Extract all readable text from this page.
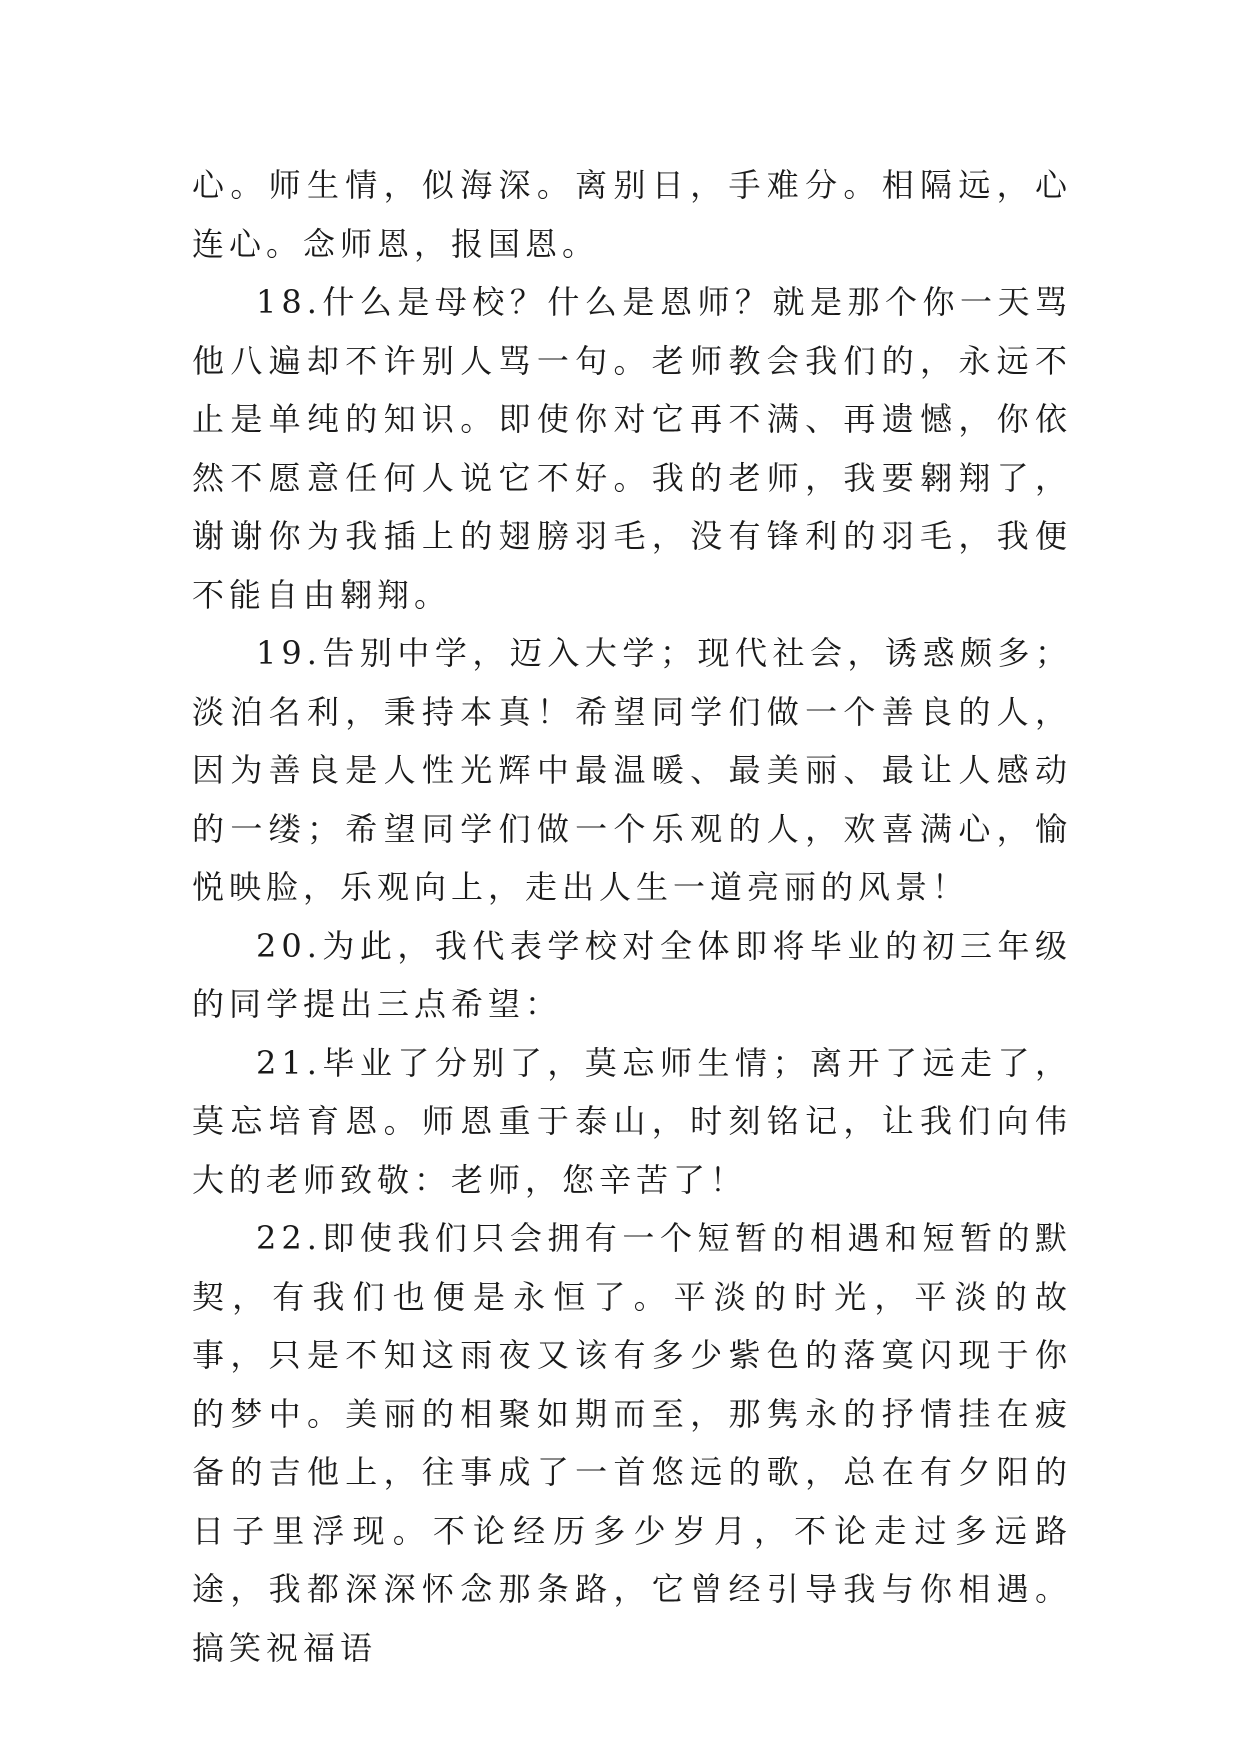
心。师生情，似海深。离别日，手难分。相隔远，心连心。念师恩，报国恩。

18.什么是母校？什么是恩师？就是那个你一天骂他八遍却不许别人骂一句。老师教会我们的，永远不止是单纯的知识。即使你对它再不满、再遗憾，你依然不愿意任何人说它不好。我的老师，我要翱翔了，谢谢你为我插上的翅膀羽毛，没有锋利的羽毛，我便不能自由翱翔。

19.告别中学，迈入大学；现代社会，诱惑颇多；淡泊名利，秉持本真！希望同学们做一个善良的人，因为善良是人性光辉中最温暖、最美丽、最让人感动的一缕；希望同学们做一个乐观的人，欢喜满心，愉悦映脸，乐观向上，走出人生一道亮丽的风景！

20.为此，我代表学校对全体即将毕业的初三年级的同学提出三点希望：

21.毕业了分别了，莫忘师生情；离开了远走了，莫忘培育恩。师恩重于泰山，时刻铭记，让我们向伟大的老师致敬：老师，您辛苦了！

22.即使我们只会拥有一个短暂的相遇和短暂的默契，有我们也便是永恒了。平淡的时光，平淡的故事，只是不知这雨夜又该有多少紫色的落寞闪现于你的梦中。美丽的相聚如期而至，那隽永的抒情挂在疲备的吉他上，往事成了一首悠远的歌，总在有夕阳的日子里浮现。不论经历多少岁月，不论走过多远路途，我都深深怀念那条路，它曾经引导我与你相遇。搞笑祝福语
